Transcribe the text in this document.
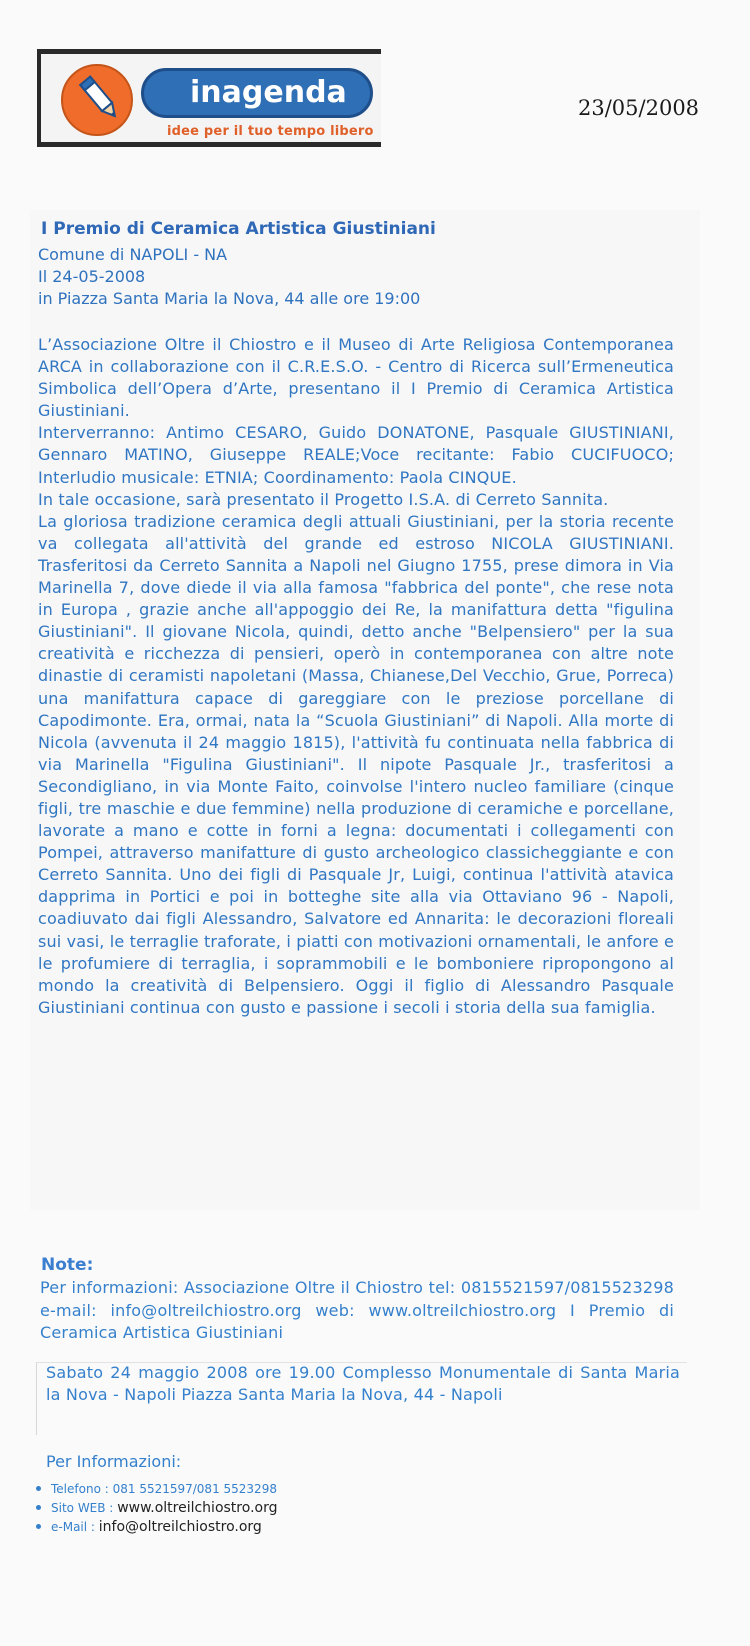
inagenda
idee per il tuo tempo libero
23/05/2008
I Premio di Ceramica Artistica Giustiniani
Comune di NAPOLI - NA
Il 24-05-2008
in Piazza Santa Maria la Nova, 44 alle ore 19:00

L’Associazione Oltre il Chiostro e il Museo di Arte Religiosa Contemporanea ARCA in collaborazione con il C.R.E.S.O. - Centro di Ricerca sull’Ermeneutica Simbolica dell’Opera d’Arte, presentano il I Premio di Ceramica Artistica Giustiniani.

Interverranno: Antimo CESARO, Guido DONATONE, Pasquale GIUSTINIANI, Gennaro MATINO, Giuseppe REALE;Voce recitante: Fabio CUCIFUOCO; Interludio musicale: ETNIA; Coordinamento: Paola CINQUE.

In tale occasione, sarà presentato il Progetto I.S.A. di Cerreto Sannita.

La gloriosa tradizione ceramica degli attuali Giustiniani, per la storia recente va collegata all'attività del grande ed estroso NICOLA GIUSTINIANI. Trasferitosi da Cerreto Sannita a Napoli nel Giugno 1755, prese dimora in Via Marinella 7, dove diede il via alla famosa "fabbrica del ponte", che rese nota in Europa , grazie anche all'appoggio dei Re, la manifattura detta "figulina Giustiniani". Il giovane Nicola, quindi, detto anche "Belpensiero" per la sua creatività e ricchezza di pensieri, operò in contemporanea con altre note dinastie di ceramisti napoletani (Massa, Chianese,Del Vecchio, Grue, Porreca) una manifattura capace di gareggiare con le preziose porcellane di Capodimonte. Era, ormai, nata la “Scuola Giustiniani” di Napoli. Alla morte di Nicola (avvenuta il 24 maggio 1815), l'attività fu continuata nella fabbrica di via Marinella "Figulina Giustiniani". Il nipote Pasquale Jr., trasferitosi a Secondigliano, in via Monte Faito, coinvolse l'intero nucleo familiare (cinque figli, tre maschie e due femmine) nella produzione di ceramiche e porcellane, lavorate a mano e cotte in forni a legna: documentati i collegamenti con Pompei, attraverso manifatture di gusto archeologico classicheggiante e con Cerreto Sannita. Uno dei figli di Pasquale Jr, Luigi, continua l'attività atavica dapprima in Portici e poi in botteghe site alla via Ottaviano 96 - Napoli, coadiuvato dai figli Alessandro, Salvatore ed Annarita: le decorazioni floreali sui vasi, le terraglie traforate, i piatti con motivazioni ornamentali, le anfore e le profumiere di terraglia, i soprammobili e le bomboniere ripropongono al mondo la creatività di Belpensiero. Oggi il figlio di Alessandro Pasquale Giustiniani continua con gusto e passione i secoli i storia della sua famiglia.

Note:
Per informazioni: Associazione Oltre il Chiostro tel: 0815521597/0815523298 e-mail: info@oltreilchiostro.org web: www.oltreilchiostro.org I Premio di Ceramica Artistica Giustiniani
Sabato 24 maggio 2008 ore 19.00 Complesso Monumentale di Santa Maria la Nova - Napoli Piazza Santa Maria la Nova, 44 - Napoli
Per Informazioni:
Telefono : 081 5521597/081 5523298
Sito WEB : www.oltreilchiostro.org
e-Mail : info@oltreilchiostro.org
